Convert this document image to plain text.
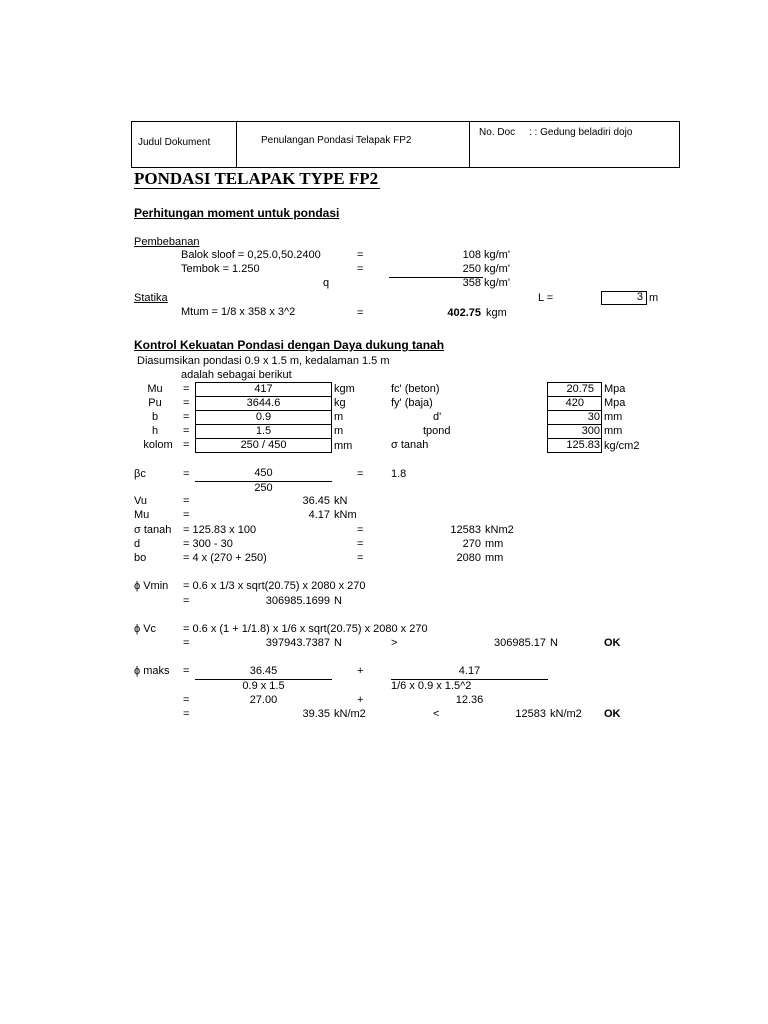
Judul Dokument	Penulangan Pondasi Telapak FP2
No. Doc : : Gedung beladiri dojo
PONDASI TELAPAK TYPE FP2
Perhitungan moment untuk pondasi
Pembebanan
Balok sloof = 0,25.0,50.2400	=	108 kg/m'
Tembok = 1.250	=	250 kg/m'
q	358 kg/m'
Statika	L =	3 m
Mtum = 1/8 x 358 x 3^2	=	402.75 kgm
Kontrol Kekuatan Pondasi dengan Daya dukung tanah
Diasumsikan pondasi 0.9 x 1.5 m, kedalaman 1.5 m
adalah sebagai berikut
Mu	=	417	kgm
Pu	=	3644.6	kg
b	=	0.9	m
h	=	1.5	m
kolom =	250 / 450	mm
fc' (beton)	20.75 Mpa
fy' (baja)	420 Mpa
d'	30 mm
tpond	300 mm
σ tanah	125.83 kg/cm2
βc	=	450
250
=	1.8
Vu	=	36.45 kN
Mu	=	4.17 kNm
σ tanah = 125.83 x 100	=	12583 kNm2
d	= 300 - 30	=	270 mm
bo	= 4 x (270 + 250)	=	2080 mm
ϕ Vmin = 0.6 x 1/3 x sqrt(20.75) x 2080 x 270
=	306985.1699 N
ϕ Vc = 0.6 x (1 + 1/1.8) x 1/6 x sqrt(20.75) x 2080 x 270
=	397943.7387 N	>	306985.17 N	OK
ϕ maks =	36.45
0.9 x 1.5
+	4.17
1/6 x 0.9 x 1.5^2
=	27.00	+	12.36
=	39.35 kN/m2	<	12583 kN/m2 OK
